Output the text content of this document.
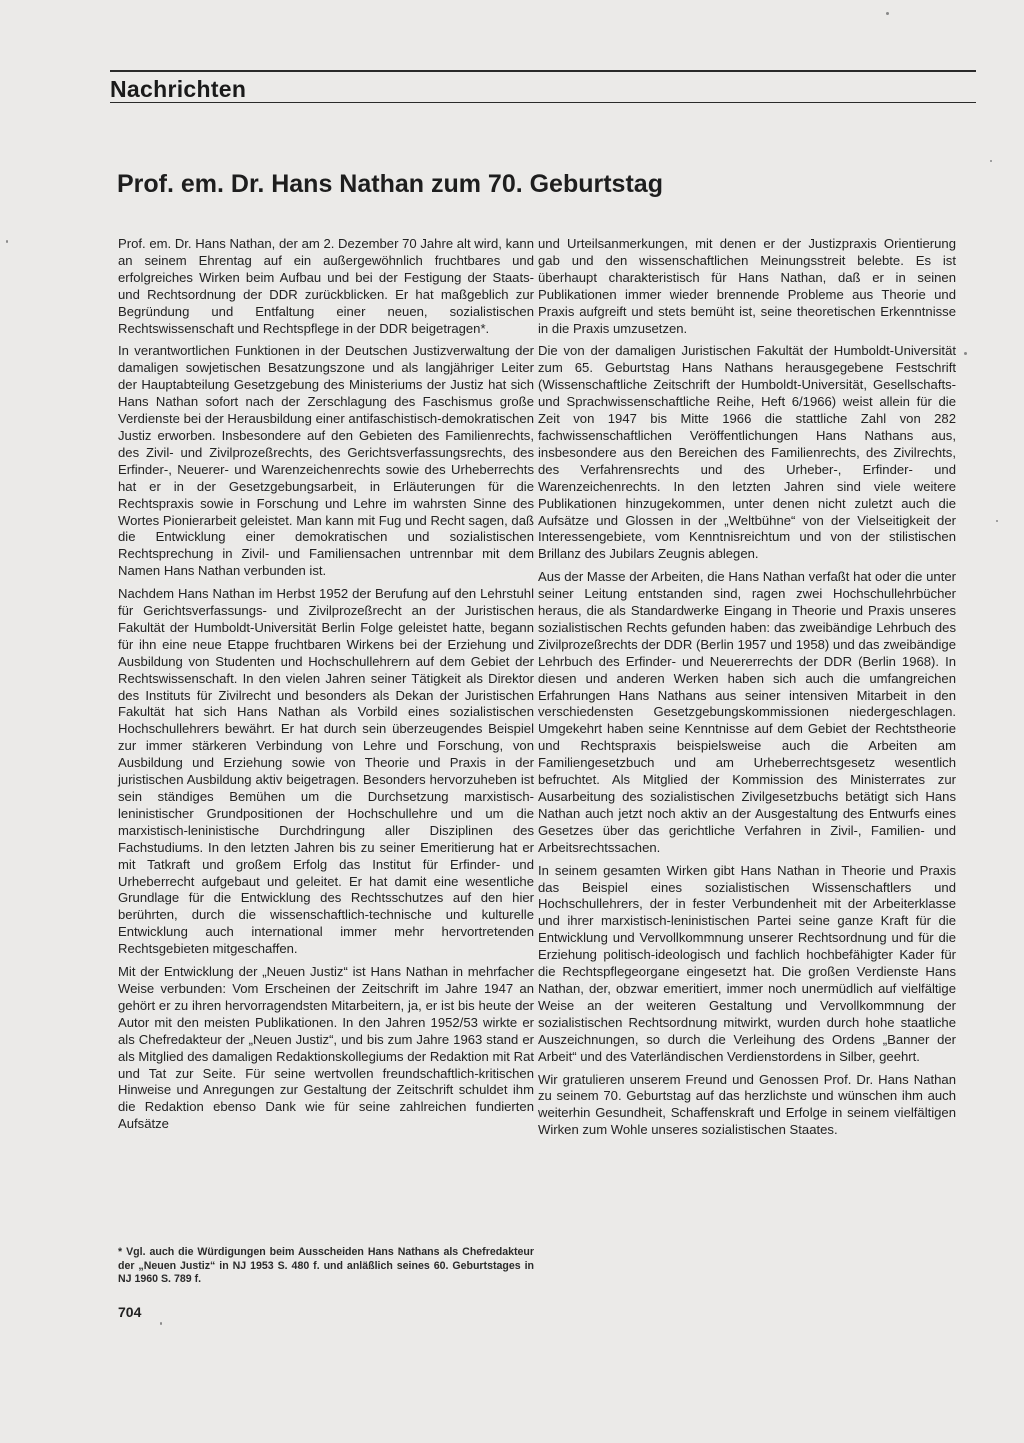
Nachrichten
Prof. em. Dr. Hans Nathan zum 70. Geburtstag

Prof. em. Dr. Hans Nathan, der am 2. Dezember 70 Jahre alt wird, kann an seinem Ehrentag auf ein außergewöhnlich fruchtbares und erfolgreiches Wirken beim Aufbau und bei der Festigung der Staats- und Rechtsordnung der DDR zurückblicken. Er hat maßgeblich zur Begründung und Entfaltung einer neuen, sozialistischen Rechtswissenschaft und Rechtspflege in der DDR beigetragen*.

In verantwortlichen Funktionen in der Deutschen Justizverwaltung der damaligen sowjetischen Besatzungszone und als langjähriger Leiter der Hauptabteilung Gesetzgebung des Ministeriums der Justiz hat sich Hans Nathan sofort nach der Zerschlagung des Faschismus große Verdienste bei der Herausbildung einer antifaschistisch-demokratischen Justiz erworben. Insbesondere auf den Gebieten des Familienrechts, des Zivil- und Zivilprozeßrechts, des Gerichtsverfassungsrechts, des Erfinder-, Neuerer- und Warenzeichenrechts sowie des Urheberrechts hat er in der Gesetzgebungsarbeit, in Erläuterungen für die Rechtspraxis sowie in Forschung und Lehre im wahrsten Sinne des Wortes Pionierarbeit geleistet. Man kann mit Fug und Recht sagen, daß die Entwicklung einer demokratischen und sozialistischen Rechtsprechung in Zivil- und Familiensachen untrennbar mit dem Namen Hans Nathan verbunden ist.

Nachdem Hans Nathan im Herbst 1952 der Berufung auf den Lehrstuhl für Gerichtsverfassungs- und Zivilprozeßrecht an der Juristischen Fakultät der Humboldt-Universität Berlin Folge geleistet hatte, begann für ihn eine neue Etappe fruchtbaren Wirkens bei der Erziehung und Ausbildung von Studenten und Hochschullehrern auf dem Gebiet der Rechtswissenschaft. In den vielen Jahren seiner Tätigkeit als Direktor des Instituts für Zivilrecht und besonders als Dekan der Juristischen Fakultät hat sich Hans Nathan als Vorbild eines sozialistischen Hochschullehrers bewährt. Er hat durch sein überzeugendes Beispiel zur immer stärkeren Verbindung von Lehre und Forschung, von Ausbildung und Erziehung sowie von Theorie und Praxis in der juristischen Ausbildung aktiv beigetragen. Besonders hervorzuheben ist sein ständiges Bemühen um die Durchsetzung marxistisch-leninistischer Grundpositionen der Hochschullehre und um die marxistisch-leninistische Durchdringung aller Disziplinen des Fachstudiums. In den letzten Jahren bis zu seiner Emeritierung hat er mit Tatkraft und großem Erfolg das Institut für Erfinder- und Urheberrecht aufgebaut und geleitet. Er hat damit eine wesentliche Grundlage für die Entwicklung des Rechtsschutzes auf den hier berührten, durch die wissenschaftlich-technische und kulturelle Entwicklung auch international immer mehr hervortretenden Rechtsgebieten mitgeschaffen.

Mit der Entwicklung der „Neuen Justiz“ ist Hans Nathan in mehrfacher Weise verbunden: Vom Erscheinen der Zeitschrift im Jahre 1947 an gehört er zu ihren hervorragendsten Mitarbeitern, ja, er ist bis heute der Autor mit den meisten Publikationen. In den Jahren 1952/53 wirkte er als Chefredakteur der „Neuen Justiz“, und bis zum Jahre 1963 stand er als Mitglied des damaligen Redaktionskollegiums der Redaktion mit Rat und Tat zur Seite. Für seine wertvollen freundschaftlich-kritischen Hinweise und Anregungen zur Gestaltung der Zeitschrift schuldet ihm die Redaktion ebenso Dank wie für seine zahlreichen fundierten Aufsätze

und Urteilsanmerkungen, mit denen er der Justizpraxis Orientierung gab und den wissenschaftlichen Meinungsstreit belebte. Es ist überhaupt charakteristisch für Hans Nathan, daß er in seinen Publikationen immer wieder brennende Probleme aus Theorie und Praxis aufgreift und stets bemüht ist, seine theoretischen Erkenntnisse in die Praxis umzusetzen.

Die von der damaligen Juristischen Fakultät der Humboldt-Universität zum 65. Geburtstag Hans Nathans herausgegebene Festschrift (Wissenschaftliche Zeitschrift der Humboldt-Universität, Gesellschafts- und Sprachwissenschaftliche Reihe, Heft 6/1966) weist allein für die Zeit von 1947 bis Mitte 1966 die stattliche Zahl von 282 fachwissenschaftlichen Veröffentlichungen Hans Nathans aus, insbesondere aus den Bereichen des Familienrechts, des Zivilrechts, des Verfahrensrechts und des Urheber-, Erfinder- und Warenzeichenrechts. In den letzten Jahren sind viele weitere Publikationen hinzugekommen, unter denen nicht zuletzt auch die Aufsätze und Glossen in der „Weltbühne“ von der Vielseitigkeit der Interessengebiete, vom Kenntnisreichtum und von der stilistischen Brillanz des Jubilars Zeugnis ablegen.

Aus der Masse der Arbeiten, die Hans Nathan verfaßt hat oder die unter seiner Leitung entstanden sind, ragen zwei Hochschullehrbücher heraus, die als Standardwerke Eingang in Theorie und Praxis unseres sozialistischen Rechts gefunden haben: das zweibändige Lehrbuch des Zivilprozeßrechts der DDR (Berlin 1957 und 1958) und das zweibändige Lehrbuch des Erfinder- und Neuererrechts der DDR (Berlin 1968). In diesen und anderen Werken haben sich auch die umfangreichen Erfahrungen Hans Nathans aus seiner intensiven Mitarbeit in den verschiedensten Gesetzgebungskommissionen niedergeschlagen. Umgekehrt haben seine Kenntnisse auf dem Gebiet der Rechtstheorie und Rechtspraxis beispielsweise auch die Arbeiten am Familiengesetzbuch und am Urheberrechtsgesetz wesentlich befruchtet. Als Mitglied der Kommission des Ministerrates zur Ausarbeitung des sozialistischen Zivilgesetzbuchs betätigt sich Hans Nathan auch jetzt noch aktiv an der Ausgestaltung des Entwurfs eines Gesetzes über das gerichtliche Verfahren in Zivil-, Familien- und Arbeitsrechtssachen.

In seinem gesamten Wirken gibt Hans Nathan in Theorie und Praxis das Beispiel eines sozialistischen Wissenschaftlers und Hochschullehrers, der in fester Verbundenheit mit der Arbeiterklasse und ihrer marxistisch-leninistischen Partei seine ganze Kraft für die Entwicklung und Vervollkommnung unserer Rechtsordnung und für die Erziehung politisch-ideologisch und fachlich hochbefähigter Kader für die Rechtspflegeorgane eingesetzt hat. Die großen Verdienste Hans Nathan, der, obzwar emeritiert, immer noch unermüdlich auf vielfältige Weise an der weiteren Gestaltung und Vervollkommnung der sozialistischen Rechtsordnung mitwirkt, wurden durch hohe staatliche Auszeichnungen, so durch die Verleihung des Ordens „Banner der Arbeit“ und des Vaterländischen Verdienstordens in Silber, geehrt.

Wir gratulieren unserem Freund und Genossen Prof. Dr. Hans Nathan zu seinem 70. Geburtstag auf das herzlichste und wünschen ihm auch weiterhin Gesundheit, Schaffenskraft und Erfolge in seinem vielfältigen Wirken zum Wohle unseres sozialistischen Staates.

* Vgl. auch die Würdigungen beim Ausscheiden Hans Nathans als Chefredakteur der „Neuen Justiz“ in NJ 1953 S. 480 f. und anläßlich seines 60. Geburtstages in NJ 1960 S. 789 f.

704
